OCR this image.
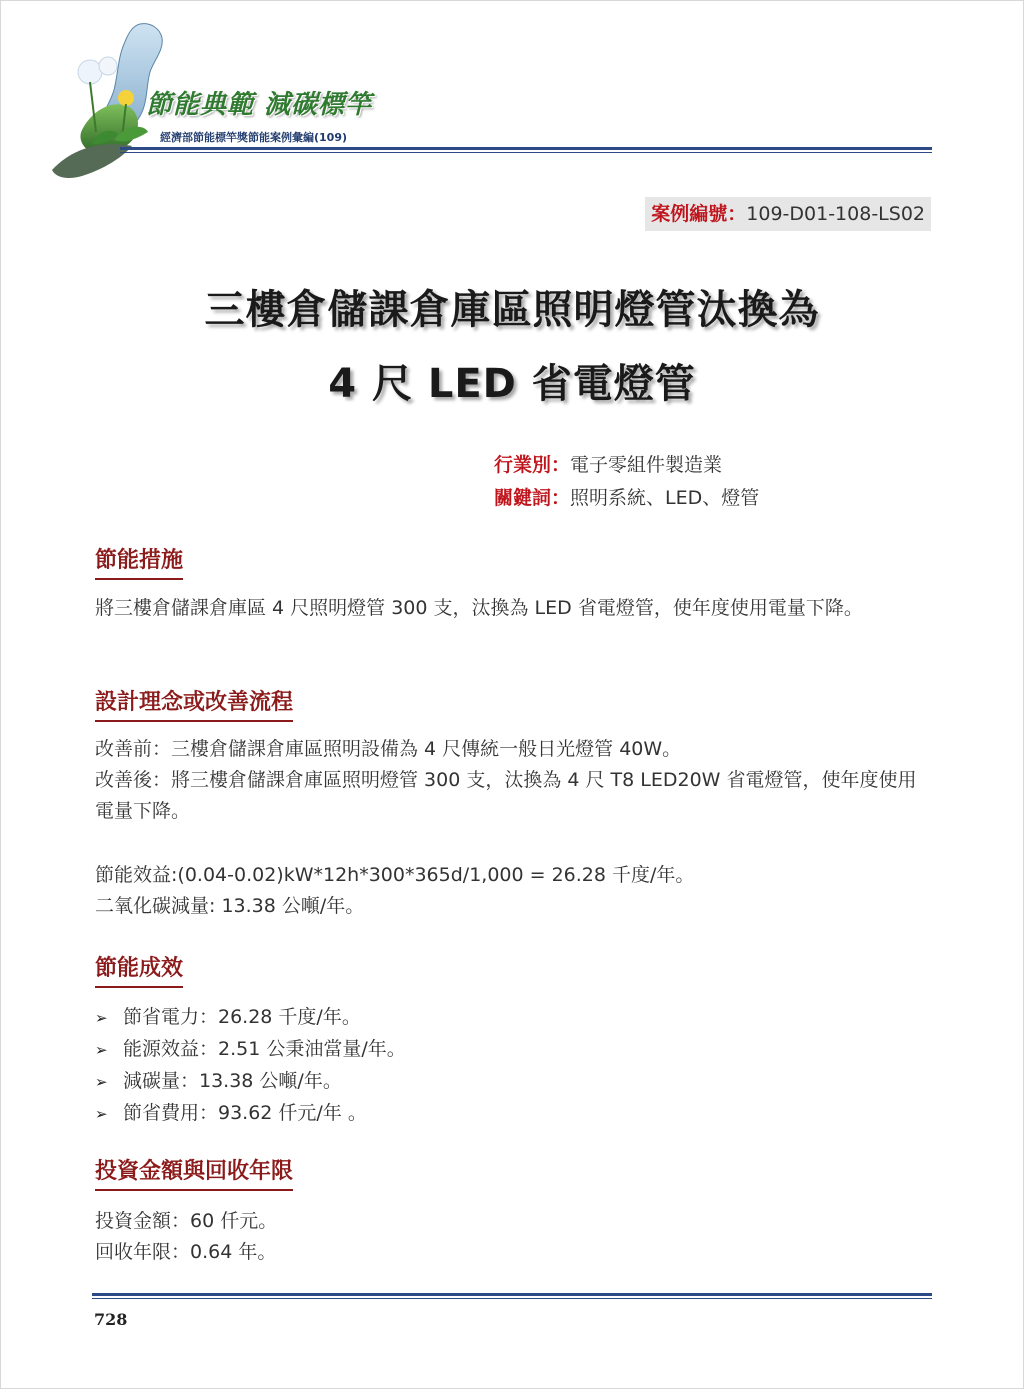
節能典範 減碳標竿
經濟部節能標竿獎節能案例彙編(109)
案例編號：109-D01-108-LS02
三樓倉儲課倉庫區照明燈管汰換為
4 尺 LED 省電燈管
行業別：電子零組件製造業
關鍵詞：照明系統、LED、燈管
節能措施

將三樓倉儲課倉庫區 4 尺照明燈管 300 支，汰換為 LED 省電燈管，使年度使用電量下降。

設計理念或改善流程

改善前：三樓倉儲課倉庫區照明設備為 4 尺傳統一般日光燈管 40W。

改善後：將三樓倉儲課倉庫區照明燈管 300 支，汰換為 4 尺 T8 LED20W 省電燈管，使年度使用電量下降。

節能效益:(0.04-0.02)kW*12h*300*365d/1,000 = 26.28 千度/年。

二氧化碳減量: 13.38 公噸/年。

節能成效
➢ 節省電力：26.28 千度/年。
➢ 能源效益：2.51 公秉油當量/年。
➢ 減碳量：13.38 公噸/年。
➢ 節省費用：93.62 仟元/年 。
投資金額與回收年限

投資金額：60 仟元。

回收年限：0.64 年。

728
